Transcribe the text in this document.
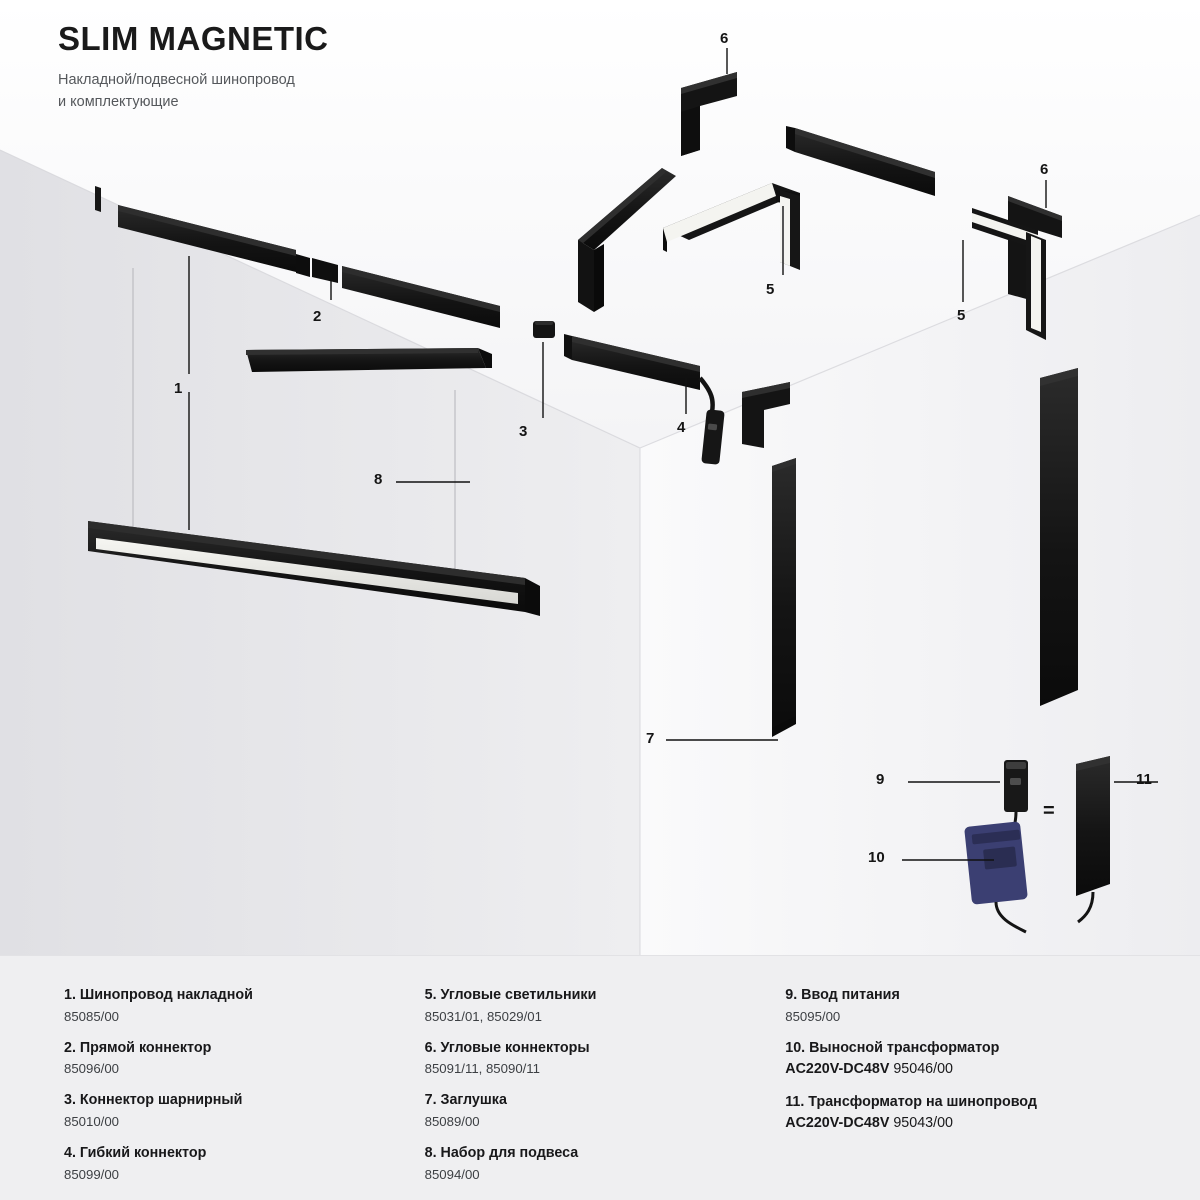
SLIM MAGNETIC

Накладной/подвесной шинопровод
и комплектующие

1
2
3	4
5
5
6
6
7
8
9
10
11
=
1. Шинопровод накладной
85085/00
2. Прямой коннектор
85096/00
3. Коннектор шарнирный
85010/00
4. Гибкий коннектор
85099/00
5. Угловые светильники
85031/01, 85029/01
6. Угловые коннекторы
85091/11, 85090/11
7. Заглушка
85089/00
8. Набор для подвеса
85094/00
9. Ввод питания
85095/00
10. Выносной трансформатор
AC220V-DC48V 95046/00
11. Трансформатор на шинопровод
AC220V-DC48V 95043/00
